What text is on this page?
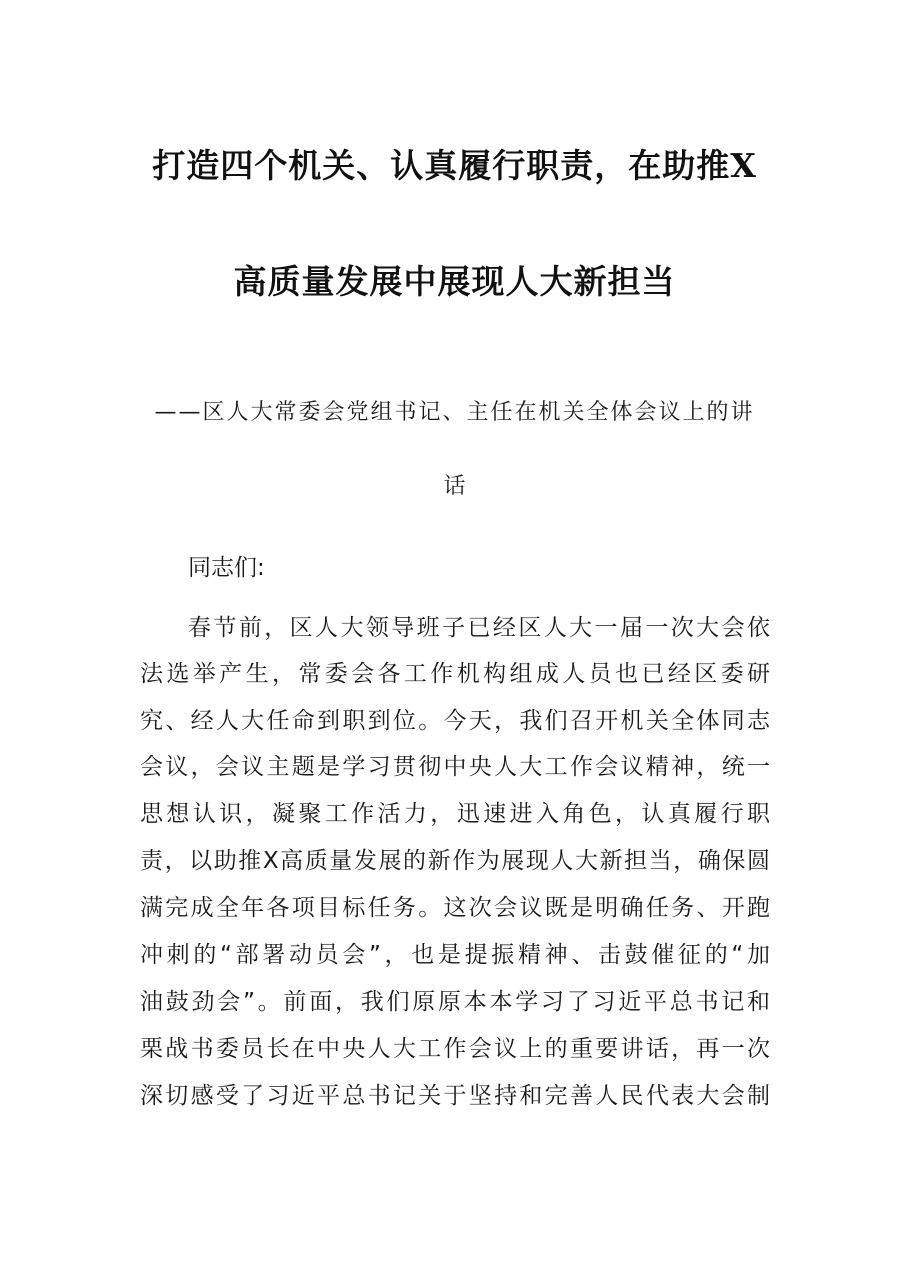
打造四个机关、认真履行职责，在助推X
高质量发展中展现人大新担当
——区人大常委会党组书记、主任在机关全体会议上的讲
话
同志们:
春节前，区人大领导班子已经区人大一届一次大会依
法选举产生，常委会各工作机构组成人员也已经区委研
究、经人大任命到职到位。今天，我们召开机关全体同志
会议，会议主题是学习贯彻中央人大工作会议精神，统一
思想认识，凝聚工作活力，迅速进入角色，认真履行职
责，以助推X高质量发展的新作为展现人大新担当，确保圆
满完成全年各项目标任务。这次会议既是明确任务、开跑
冲刺的“部署动员会”，也是提振精神、击鼓催征的“加
油鼓劲会”。前面，我们原原本本学习了习近平总书记和
栗战书委员长在中央人大工作会议上的重要讲话，再一次
深切感受了习近平总书记关于坚持和完善人民代表大会制
